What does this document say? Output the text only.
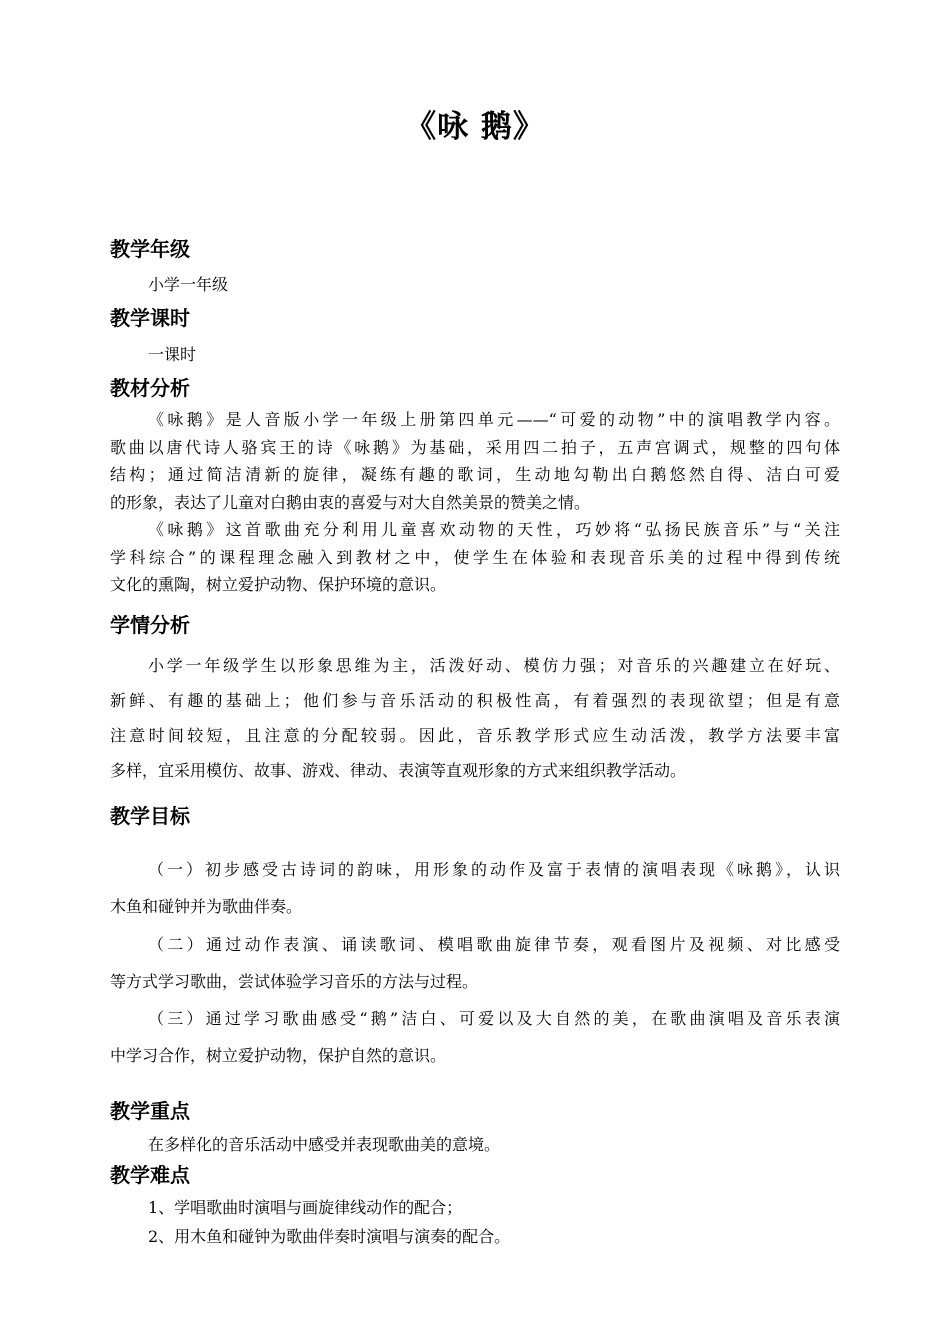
《咏 鹅》
教学年级
小学一年级
教学课时
一课时
教材分析
《咏鹅》是人音版小学一年级上册第四单元——“可爱的动物”中的演唱教学内容。
歌曲以唐代诗人骆宾王的诗《咏鹅》为基础，采用四二拍子，五声宫调式，规整的四句体
结构；通过简洁清新的旋律，凝练有趣的歌词，生动地勾勒出白鹅悠然自得、洁白可爱
的形象，表达了儿童对白鹅由衷的喜爱与对大自然美景的赞美之情。
《咏鹅》这首歌曲充分利用儿童喜欢动物的天性，巧妙将“弘扬民族音乐”与“关注
学科综合”的课程理念融入到教材之中，使学生在体验和表现音乐美的过程中得到传统
文化的熏陶，树立爱护动物、保护环境的意识。
学情分析
小学一年级学生以形象思维为主，活泼好动、模仿力强；对音乐的兴趣建立在好玩、
新鲜、有趣的基础上；他们参与音乐活动的积极性高，有着强烈的表现欲望；但是有意
注意时间较短，且注意的分配较弱。因此，音乐教学形式应生动活泼，教学方法要丰富
多样，宜采用模仿、故事、游戏、律动、表演等直观形象的方式来组织教学活动。
教学目标
（一）初步感受古诗词的韵味，用形象的动作及富于表情的演唱表现《咏鹅》，认识
木鱼和碰钟并为歌曲伴奏。
（二）通过动作表演、诵读歌词、模唱歌曲旋律节奏，观看图片及视频、对比感受
等方式学习歌曲，尝试体验学习音乐的方法与过程。
（三）通过学习歌曲感受“鹅”洁白、可爱以及大自然的美，在歌曲演唱及音乐表演
中学习合作，树立爱护动物，保护自然的意识。
教学重点
在多样化的音乐活动中感受并表现歌曲美的意境。
教学难点
1、学唱歌曲时演唱与画旋律线动作的配合；
2、用木鱼和碰钟为歌曲伴奏时演唱与演奏的配合。
